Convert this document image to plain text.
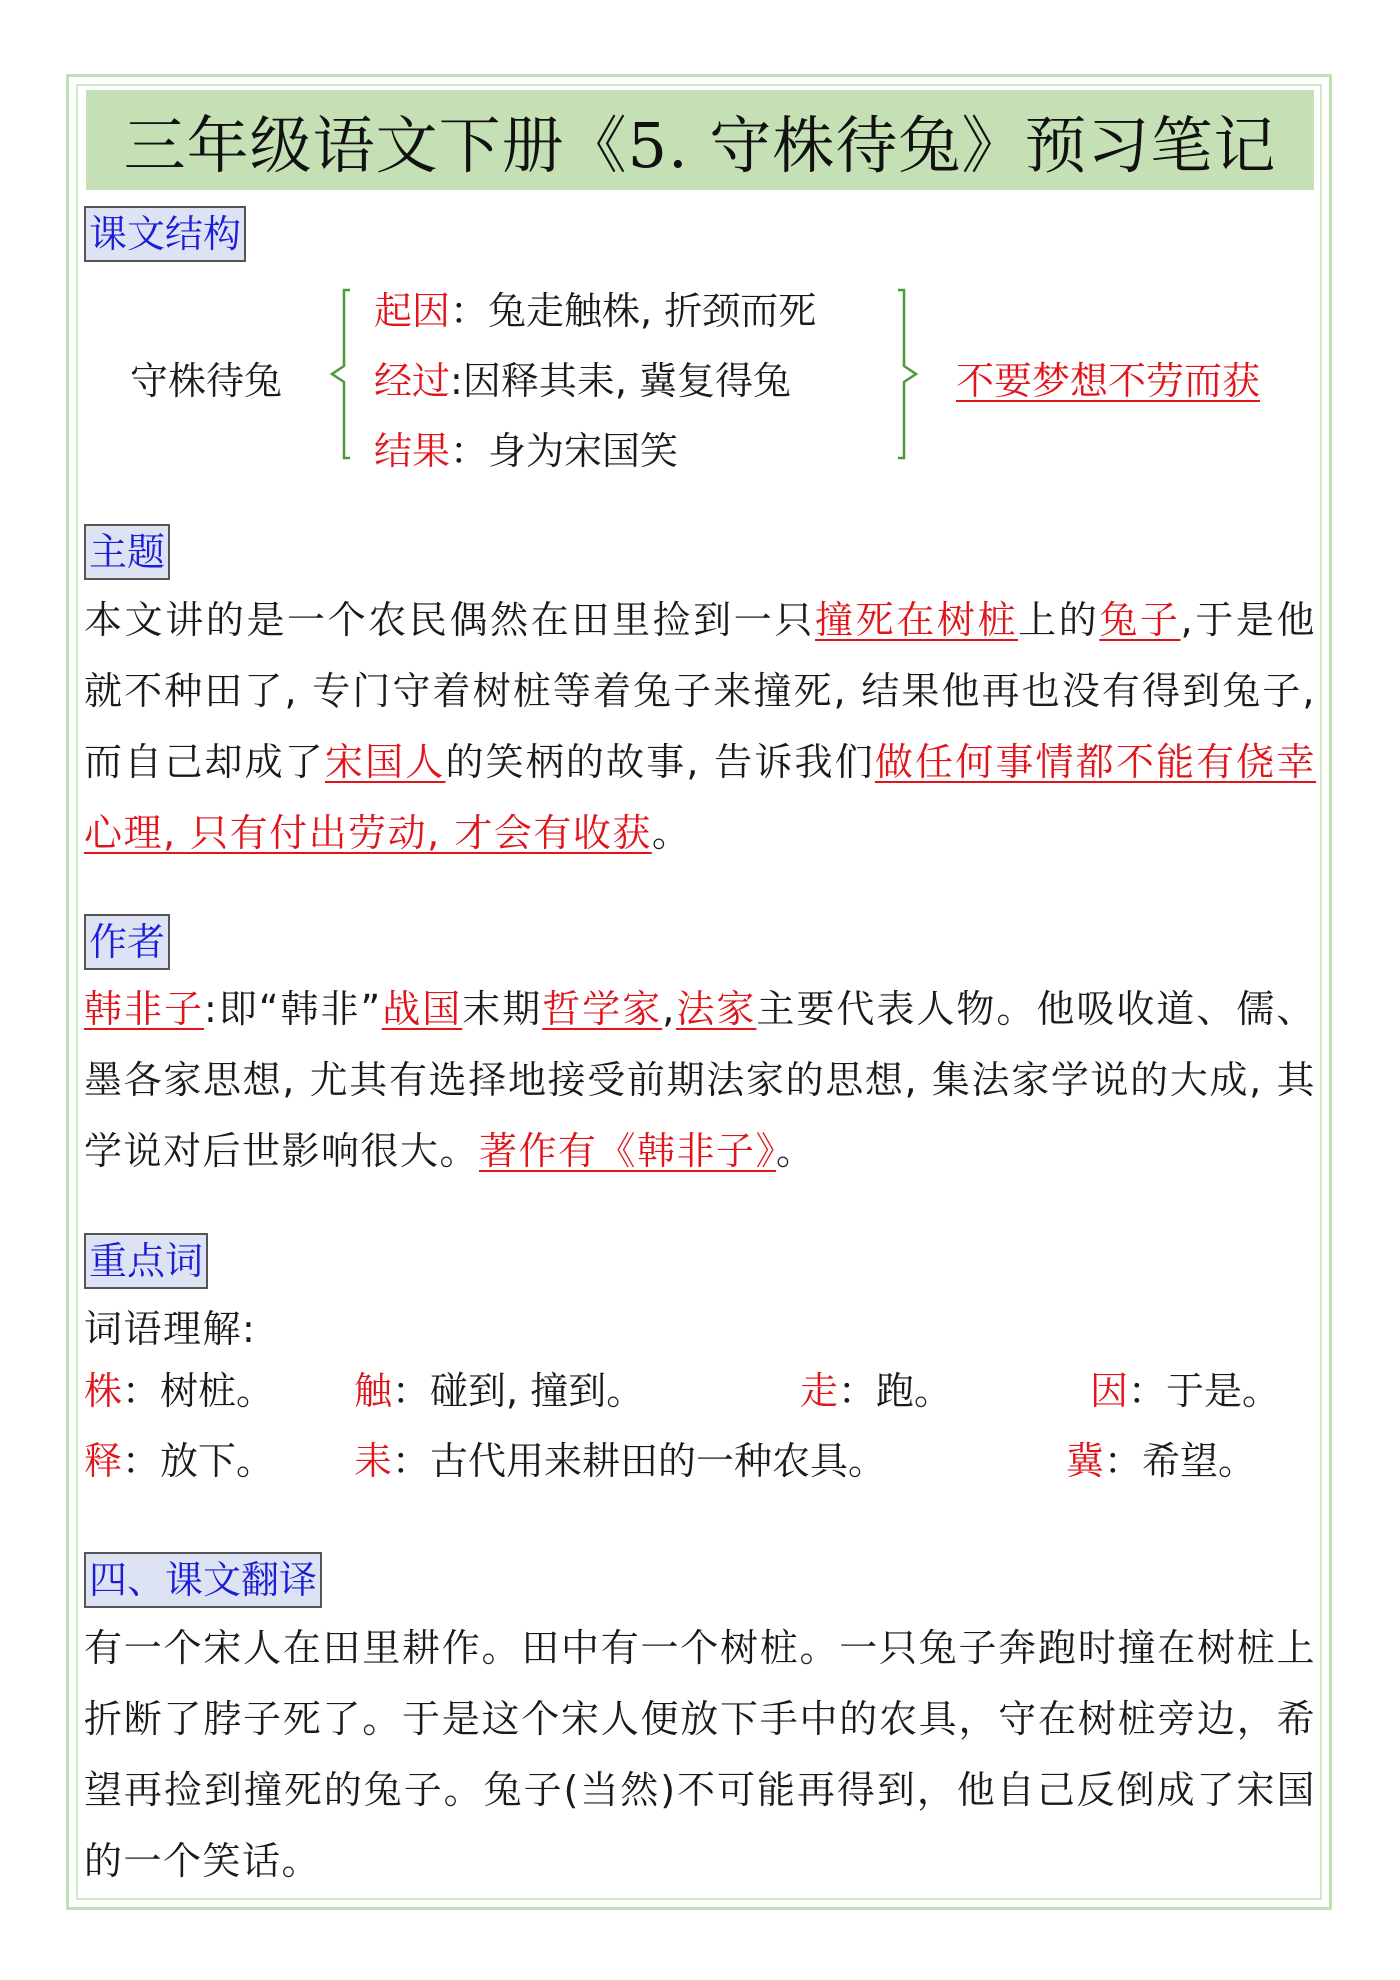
三年级语文下册《5. 守株待兔》预习笔记
课文结构
守株待兔
起因：兔走触株, 折颈而死
经过:因释其耒, 冀复得兔
结果：身为宋国笑
不要梦想不劳而获
主题
本文讲的是一个农民偶然在田里捡到一只撞死在树桩上的兔子,于是他就不种田了, 专门守着树桩等着兔子来撞死, 结果他再也没有得到兔子, 而自己却成了宋国人的笑柄的故事, 告诉我们做任何事情都不能有侥幸心理, 只有付出劳动, 才会有收获。
作者
韩非子:即“韩非”战国末期哲学家,法家主要代表人物。他吸收道、儒、墨各家思想, 尤其有选择地接受前期法家的思想, 集法家学说的大成, 其学说对后世影响很大。著作有《韩非子》。
重点词
词语理解:
株：树桩。 触：碰到, 撞到。	走：跑。	因：于是。
释：放下。 耒：古代用来耕田的一种农具。	冀：希望。
四、课文翻译
有一个宋人在田里耕作。田中有一个树桩。一只兔子奔跑时撞在树桩上折断了脖子死了。于是这个宋人便放下手中的农具，守在树桩旁边，希望再捡到撞死的兔子。兔子(当然)不可能再得到，他自己反倒成了宋国的一个笑话。
